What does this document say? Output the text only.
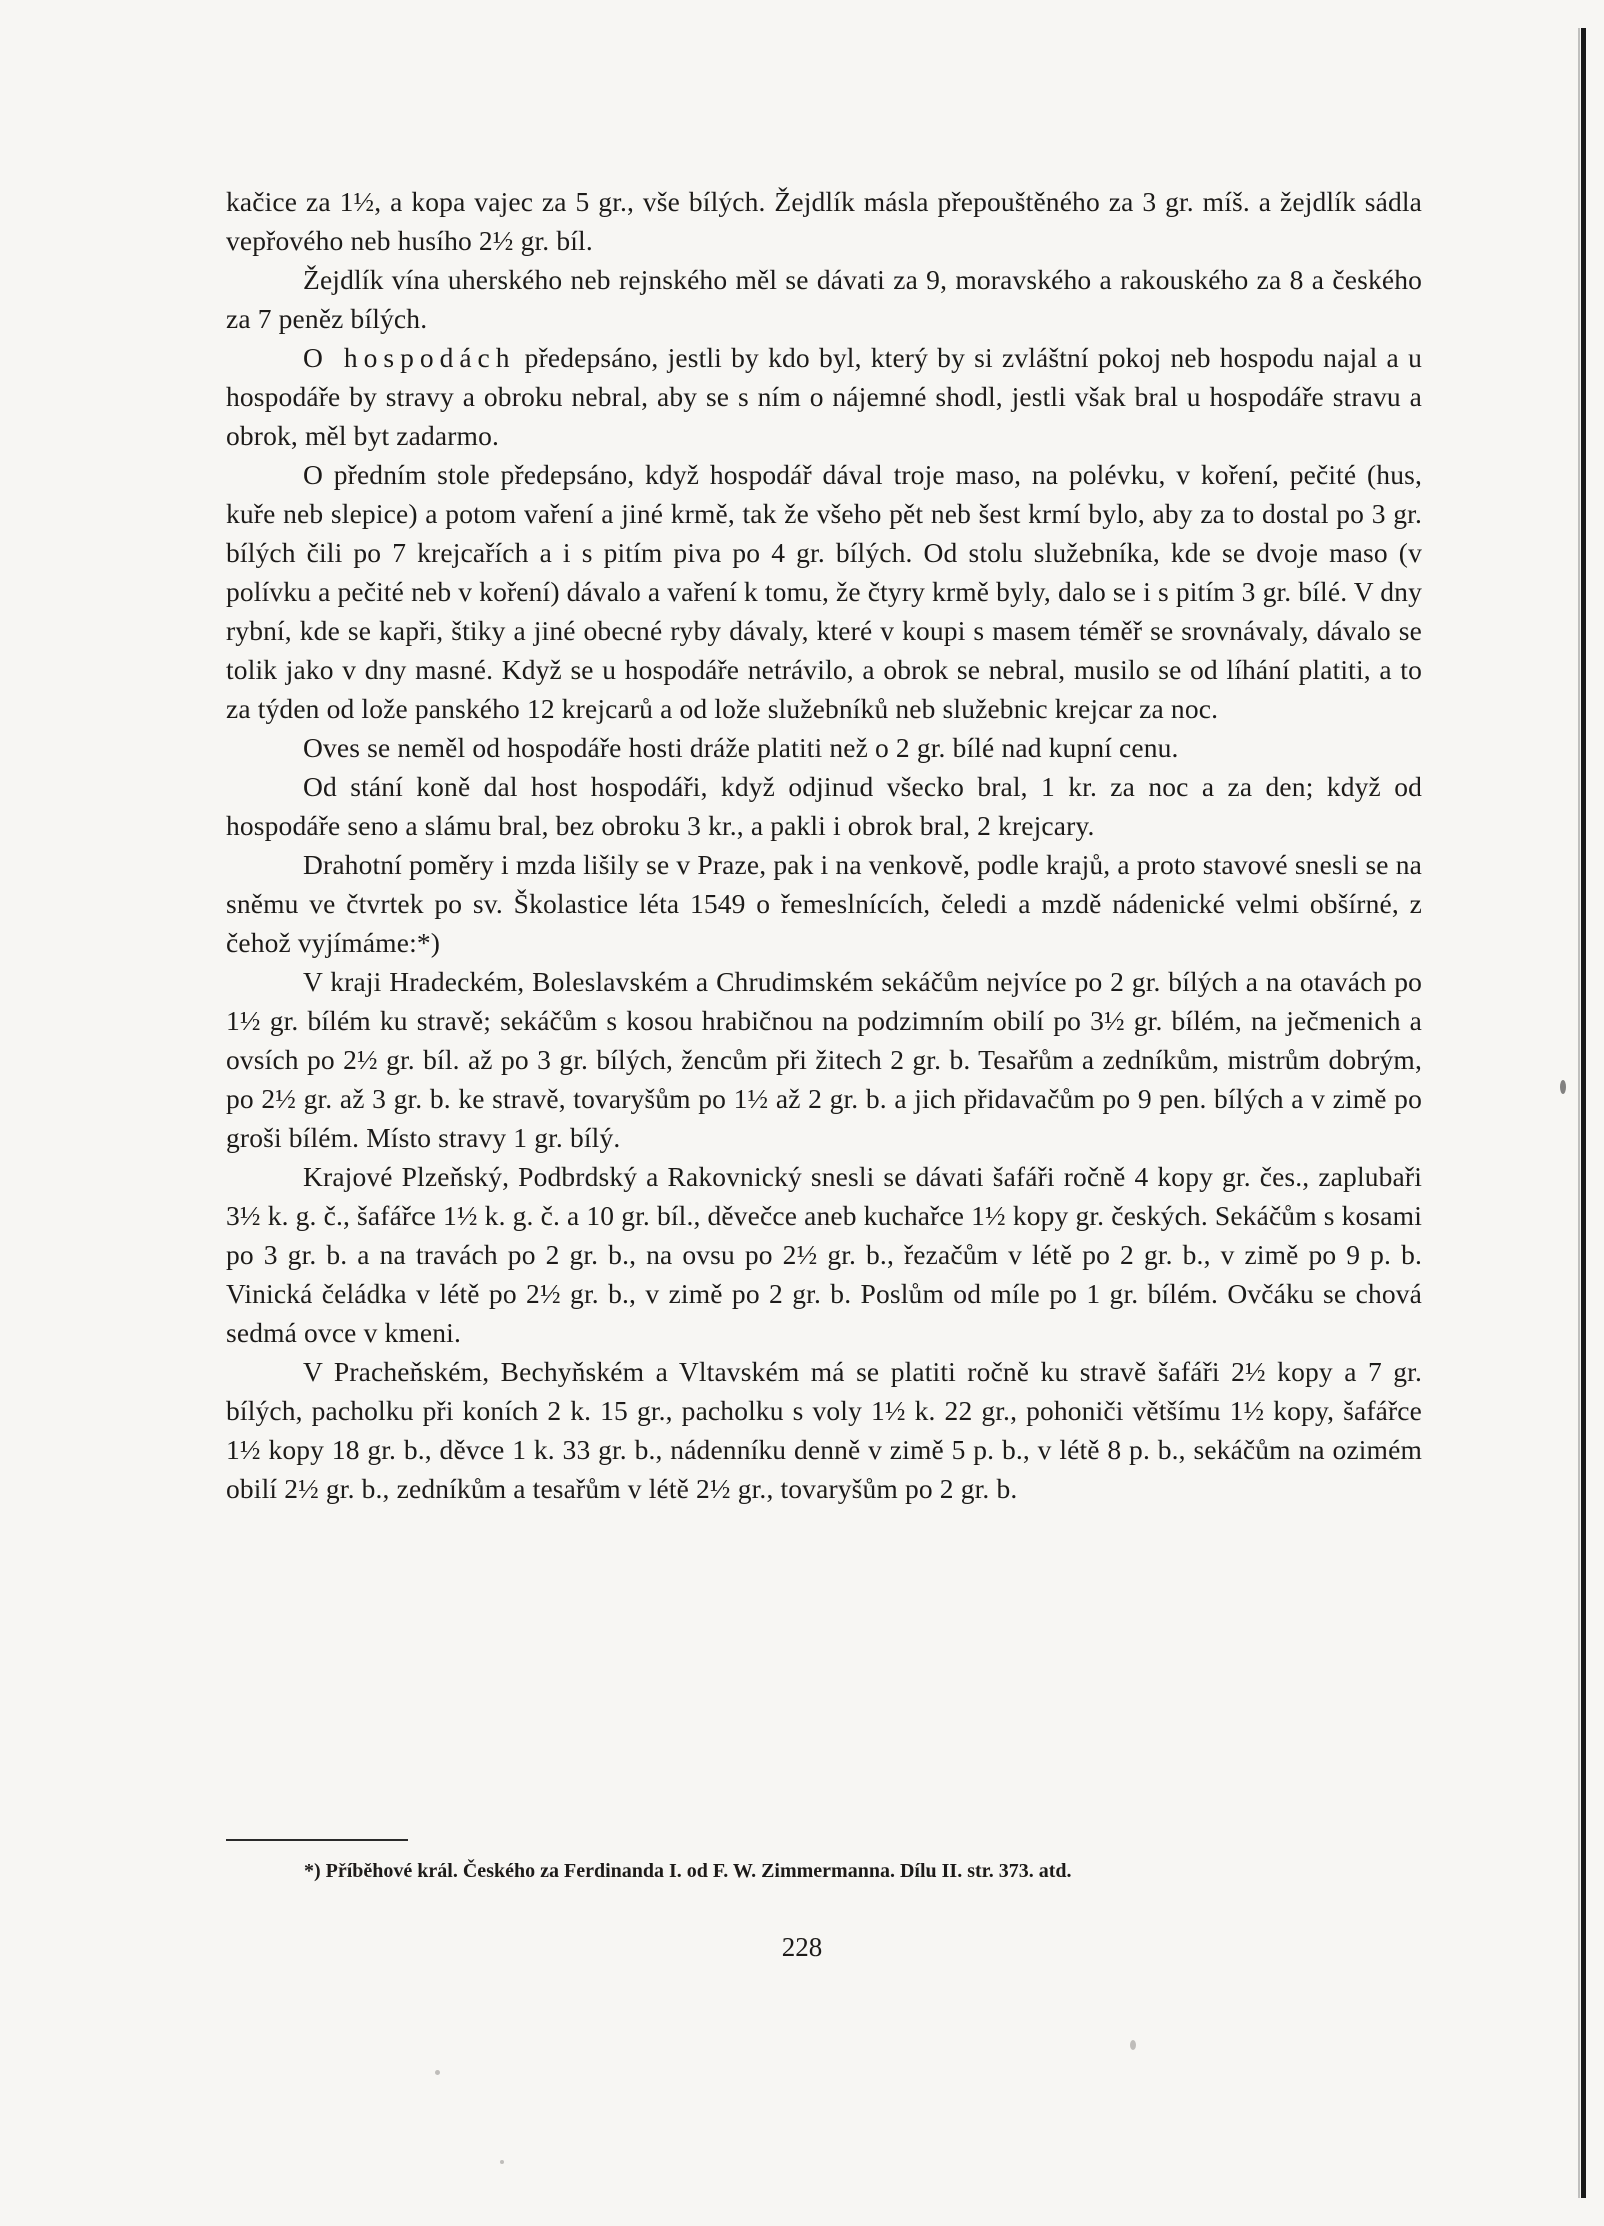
kačice za 1½, a kopa vajec za 5 gr., vše bílých. Žejdlík másla přepouštěného za 3 gr. míš. a žejdlík sádla vepřového neb husího 2½ gr. bíl.

Žejdlík vína uherského neb rejnského měl se dávati za 9, moravského a rakouského za 8 a českého za 7 peněz bílých.

O hospodách předepsáno, jestli by kdo byl, který by si zvláštní pokoj neb hospodu najal a u hospodáře by stravy a obroku nebral, aby se s ním o nájemné shodl, jestli však bral u hospodáře stravu a obrok, měl byt zadarmo.

O předním stole předepsáno, když hospodář dával troje maso, na polévku, v koření, pečité (hus, kuře neb slepice) a potom vaření a jiné krmě, tak že všeho pět neb šest krmí bylo, aby za to dostal po 3 gr. bílých čili po 7 krejcařích a i s pitím piva po 4 gr. bílých. Od stolu služebníka, kde se dvoje maso (v polívku a pečité neb v koření) dávalo a vaření k tomu, že čtyry krmě byly, dalo se i s pitím 3 gr. bílé. V dny rybní, kde se kapři, štiky a jiné obecné ryby dávaly, které v koupi s masem téměř se srovnávaly, dávalo se tolik jako v dny masné. Když se u hospodáře netrávilo, a obrok se nebral, musilo se od líhání platiti, a to za týden od lože panského 12 krejcarů a od lože služebníků neb služebnic krejcar za noc.

Oves se neměl od hospodáře hosti dráže platiti než o 2 gr. bílé nad kupní cenu.

Od stání koně dal host hospodáři, když odjinud všecko bral, 1 kr. za noc a za den; když od hospodáře seno a slámu bral, bez obroku 3 kr., a pakli i obrok bral, 2 krejcary.

Drahotní poměry i mzda lišily se v Praze, pak i na venkově, podle krajů, a proto stavové snesli se na sněmu ve čtvrtek po sv. Školastice léta 1549 o řemeslnících, čeledi a mzdě nádenické velmi obšírné, z čehož vyjímáme:*)

V kraji Hradeckém, Boleslavském a Chrudimském sekáčům nejvíce po 2 gr. bílých a na otavách po 1½ gr. bílém ku stravě; sekáčům s kosou hrabičnou na podzimním obilí po 3½ gr. bílém, na ječmenich a ovsích po 2½ gr. bíl. až po 3 gr. bílých, žencům při žitech 2 gr. b. Tesařům a zedníkům, mistrům dobrým, po 2½ gr. až 3 gr. b. ke stravě, tovaryšům po 1½ až 2 gr. b. a jich přidavačům po 9 pen. bílých a v zimě po groši bílém. Místo stravy 1 gr. bílý.

Krajové Plzeňský, Podbrdský a Rakovnický snesli se dávati šafáři ročně 4 kopy gr. čes., zaplubaři 3½ k. g. č., šafářce 1½ k. g. č. a 10 gr. bíl., děvečce aneb kuchařce 1½ kopy gr. českých. Sekáčům s kosami po 3 gr. b. a na travách po 2 gr. b., na ovsu po 2½ gr. b., řezačům v létě po 2 gr. b., v zimě po 9 p. b. Vinická čeládka v létě po 2½ gr. b., v zimě po 2 gr. b. Poslům od míle po 1 gr. bílém. Ovčáku se chová sedmá ovce v kmeni.

V Pracheňském, Bechyňském a Vltavském má se platiti ročně ku stravě šafáři 2½ kopy a 7 gr. bílých, pacholku při koních 2 k. 15 gr., pacholku s voly 1½ k. 22 gr., pohoniči většímu 1½ kopy, šafářce 1½ kopy 18 gr. b., děvce 1 k. 33 gr. b., nádenníku denně v zimě 5 p. b., v létě 8 p. b., sekáčům na ozimém obilí 2½ gr. b., zedníkům a tesařům v létě 2½ gr., tovaryšům po 2 gr. b.

*) Příběhové král. Českého za Ferdinanda I. od F. W. Zimmermanna. Dílu II. str. 373. atd.
228
